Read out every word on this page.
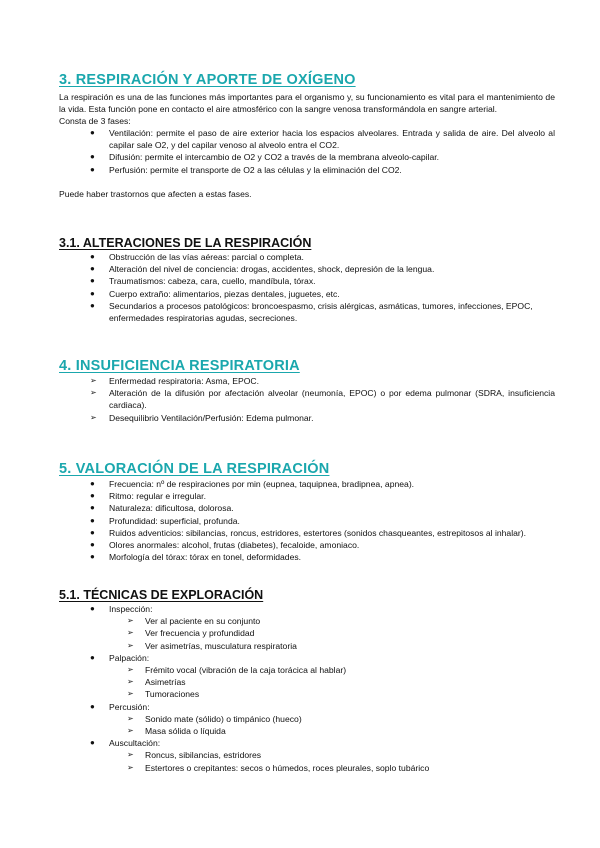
3. RESPIRACIÓN Y APORTE DE OXÍGENO

La respiración es una de las funciones más importantes para el organismo y, su funcionamiento es vital para el mantenimiento de la vida. Esta función pone en contacto el aire atmosférico con la sangre venosa transformándola en sangre arterial.

Consta de 3 fases:

● Ventilación: permite el paso de aire exterior hacia los espacios alveolares. Entrada y salida de aire. Del alveolo al capilar sale O2, y del capilar venoso al alveolo entra el CO2.
● Difusión: permite el intercambio de O2 y CO2 a través de la membrana alveolo-capilar.
● Perfusión: permite el transporte de O2 a las células y la eliminación del CO2.

Puede haber trastornos que afecten a estas fases.

3.1. ALTERACIONES DE LA RESPIRACIÓN
● Obstrucción de las vías aéreas: parcial o completa.
● Alteración del nivel de conciencia: drogas, accidentes, shock, depresión de la lengua.
● Traumatismos: cabeza, cara, cuello, mandíbula, tórax.
● Cuerpo extraño: alimentarios, piezas dentales, juguetes, etc.
● Secundarios a procesos patológicos: broncoespasmo, crisis alérgicas, asmáticas, tumores, infecciones, EPOC, enfermedades respiratorias agudas, secreciones.
4. INSUFICIENCIA RESPIRATORIA
➢ Enfermedad respiratoria: Asma, EPOC.
➢ Alteración de la difusión por afectación alveolar (neumonía, EPOC) o por edema pulmonar (SDRA, insuficiencia cardiaca).
➢ Desequilibrio Ventilación/Perfusión: Edema pulmonar.
5. VALORACIÓN DE LA RESPIRACIÓN
● Frecuencia: nº de respiraciones por min (eupnea, taquipnea, bradipnea, apnea).
● Ritmo: regular e irregular.
● Naturaleza: dificultosa, dolorosa.
● Profundidad: superficial, profunda.
● Ruidos adventicios: sibilancias, roncus, estridores, estertores (sonidos chasqueantes, estrepitosos al inhalar).
● Olores anormales: alcohol, frutas (diabetes), fecaloide, amoniaco.
● Morfología del tórax: tórax en tonel, deformidades.
5.1. TÉCNICAS DE EXPLORACIÓN
● Inspección:
➢ Ver al paciente en su conjunto
➢ Ver frecuencia y profundidad
➢ Ver asimetrías, musculatura respiratoria
● Palpación:
➢ Frémito vocal (vibración de la caja torácica al hablar)
➢ Asimetrías
➢ Tumoraciones
● Percusión:
➢ Sonido mate (sólido) o timpánico (hueco)
➢ Masa sólida o líquida
● Auscultación:
➢ Roncus, sibilancias, estridores
➢ Estertores o crepitantes: secos o húmedos, roces pleurales, soplo tubárico
